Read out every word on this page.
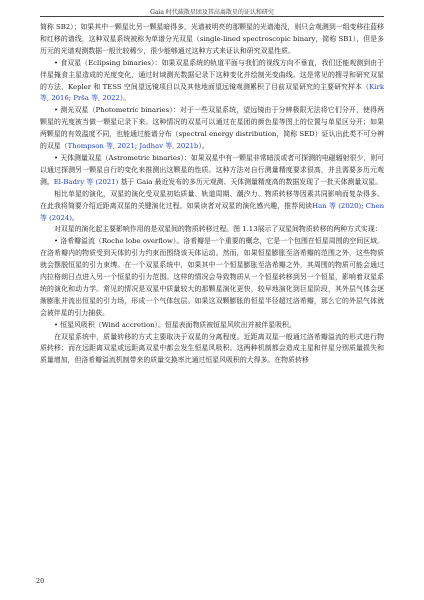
Gaia 时代疏散星团及其高离散星的证认和研究

简称 SB2）；如果其中一颗星比另一颗星暗得多，光谱被明亮的那颗星的光谱淹没，则只会观测到一组变移往蓝移和红移的谱线，这种双星系统被称为单谱分光双星（single-lined spectroscopic binary，简称 SB1），但是多历元的光谱观测数据一般比较稀少，很少能够通过这种方式来证认和研究双星性质。

• 食双星（Eclipsing binaries）：如果双星系统的轨道平面与我们的视线方向不垂直，我们还能观测到由于伴星掩食主星造成的光度变化，通过时域测光数据记录下这种变化并绘制光变曲线。这是常见的搜寻和研究双星的方法，Kepler 和 TESS 空间望远镜项目以及其他地面望远镜观测累积了目前双星研究的主要研究样本（Kirk 等, 2016; Prša 等, 2022）。

• 测光双星（Photometric binaries）：对于一些双星系统，望远镜由于分辨极限无法将它们分开，使得两颗星的光度被当做一颗星记录下来。这种情况的双星可以通过在星团的颜色星等图上的位置与单星区分开；如果两颗星的有效温度不同，也能通过能谱分布（spectral energy distribution，简称 SED）证认出此类不可分辨的双星（Thompson 等, 2021; Jadhav 等, 2021b）。

• 天体测量双星（Astrometric binaries）：如果双星中有一颗星非常暗淡或者可探测的电磁辐射很少，则可以通过探测另一颗星自行的变化来推测出这颗星的性质。这种方法对自行测量精度要求很高，并且需要多历元观测。El-Badry 等 (2021) 基于 Gaia 最近发布的多历元观测、天体测量精度高的数据发现了一批天体测量双星。

相比单星的演化，双星的演化受双星初始质量、轨道周期、潮汐力、物质转移等因素共同影响而复杂得多。在此我将简要介绍近距离双星的关键演化过程。如果读者对双星的演化感兴趣，推荐阅读Han 等 (2020); Chen 等 (2024)。

对双星的演化起主要影响作用的是双星间的物质转移过程。图 1.13展示了双星间物质转移的两种方式实现：

• 洛希瓣溢流（Roche lobe overflow）。洛希瓣是一个重要的概念，它是一个包围在恒星周围的空间区域。在洛希瓣内的物质受到天体的引力约束而围绕该天体运动。然而，如果恒星膨胀至洛希瓣的范围之外，这些物质就会摆脱恒星的引力束缚。在一个双星系统中，如果其中一个恒星膨胀至洛希瓣之外，其周围的物质可能会通过内拉格朗日点进入另一个恒星的引力范围。这样的情况会导致物质从一个恒星转移到另一个恒星，影响着双星系统的演化和动力学。常见的情况是双星中质量较大的那颗星演化更快，较早地演化到巨星阶段，其外层气体会逐渐膨胀并流出恒星的引力场，形成一个气体包层。如果这双颗膨胀的恒星半径超过洛希瓣，那么它的外层气体就会被伴星的引力捕获。

• 恒星风吸积（Wind accretion）。恒星表面物质被恒星风吹出并被伴星吸积。

在双星系统中，质量转移的方式主要取决于双星的分离程度。近距离双星一般通过洛希瓣溢流的形式进行物质转移；而在远距离双星或远距离双星中都会发生恒星风吸积。这两种机制都会造成主星和伴星分别质量损失和质量增加，但洛希瓣溢流机制带来的质量交换率比通过恒星风吸积的大得多。在物质转移

20
